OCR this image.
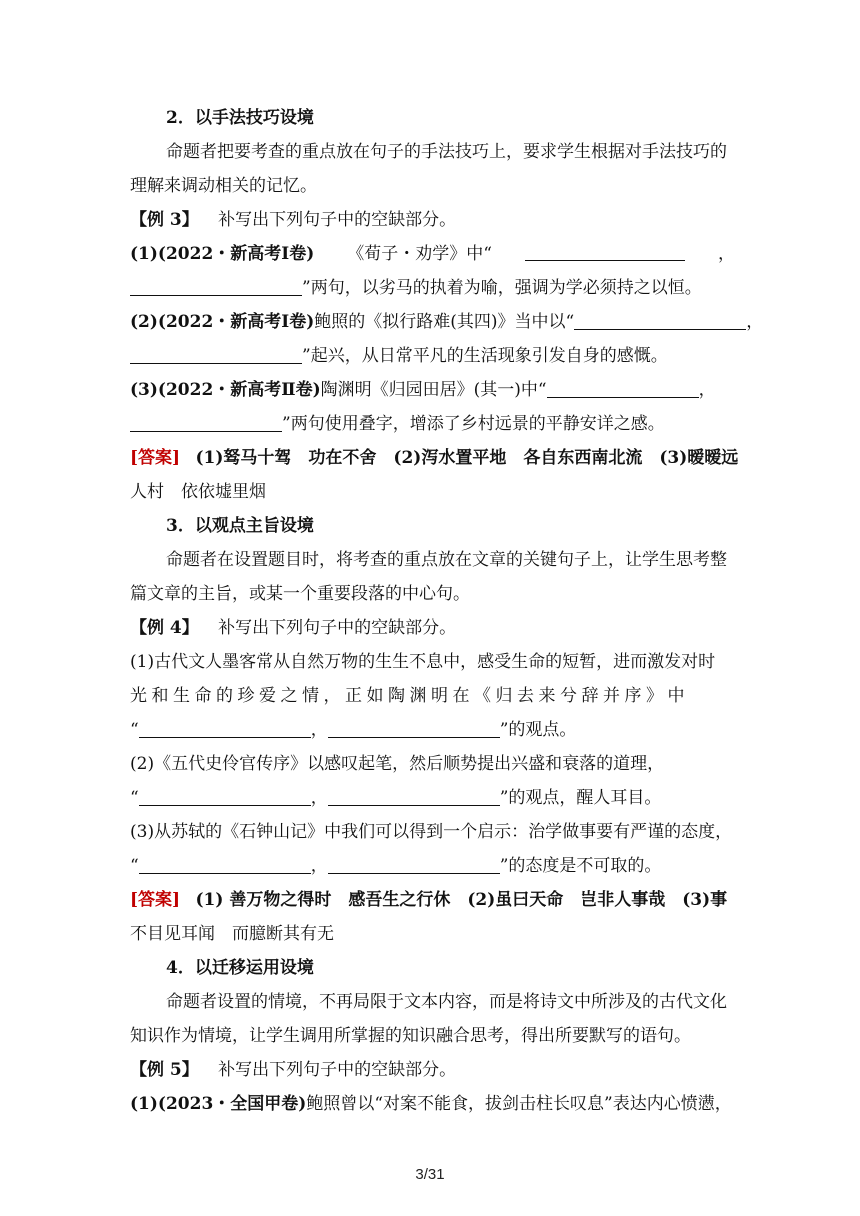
2．以手法技巧设境
命题者把要考查的重点放在句子的手法技巧上，要求学生根据对手法技巧的
理解来调动相关的记忆。
【例 3】 补写出下列句子中的空缺部分。
(1)(2022・新高考Ⅰ卷) 《荀子・劝学》中“	，
”两句，以劣马的执着为喻，强调为学必须持之以恒。
(2)(2022・新高考Ⅰ卷)鲍照的《拟行路难(其四)》当中以“	，
”起兴，从日常平凡的生活现象引发自身的感慨。
(3)(2022・新高考Ⅱ卷)陶渊明《归园田居》(其一)中“	，
”两句使用叠字，增添了乡村远景的平静安详之感。
[答案] (1)驽马十驾　功在不舍　(2)泻水置平地　各自东西南北流　(3)暧暧远
人村　依依墟里烟
3．以观点主旨设境
命题者在设置题目时，将考查的重点放在文章的关键句子上，让学生思考整
篇文章的主旨，或某一个重要段落的中心句。
【例 4】 补写出下列句子中的空缺部分。
(1)古代文人墨客常从自然万物的生生不息中，感受生命的短暂，进而激发对时
光和生命的珍爱之情，正如陶渊明在《归去来兮辞并序》中
“	，	”的观点。
(2)《五代史伶官传序》以感叹起笔，然后顺势提出兴盛和衰落的道理，
“	，	”的观点，醒人耳目。
(3)从苏轼的《石钟山记》中我们可以得到一个启示：治学做事要有严谨的态度，
“	，	”的态度是不可取的。
[答案] (1) 善万物之得时　感吾生之行休　(2)虽曰天命　岂非人事哉　(3)事
不目见耳闻　而臆断其有无
4．以迁移运用设境
命题者设置的情境，不再局限于文本内容，而是将诗文中所涉及的古代文化
知识作为情境，让学生调用所掌握的知识融合思考，得出所要默写的语句。
【例 5】 补写出下列句子中的空缺部分。
(1)(2023・全国甲卷)鲍照曾以“对案不能食，拔剑击柱长叹息”表达内心愤懑，
3/31
